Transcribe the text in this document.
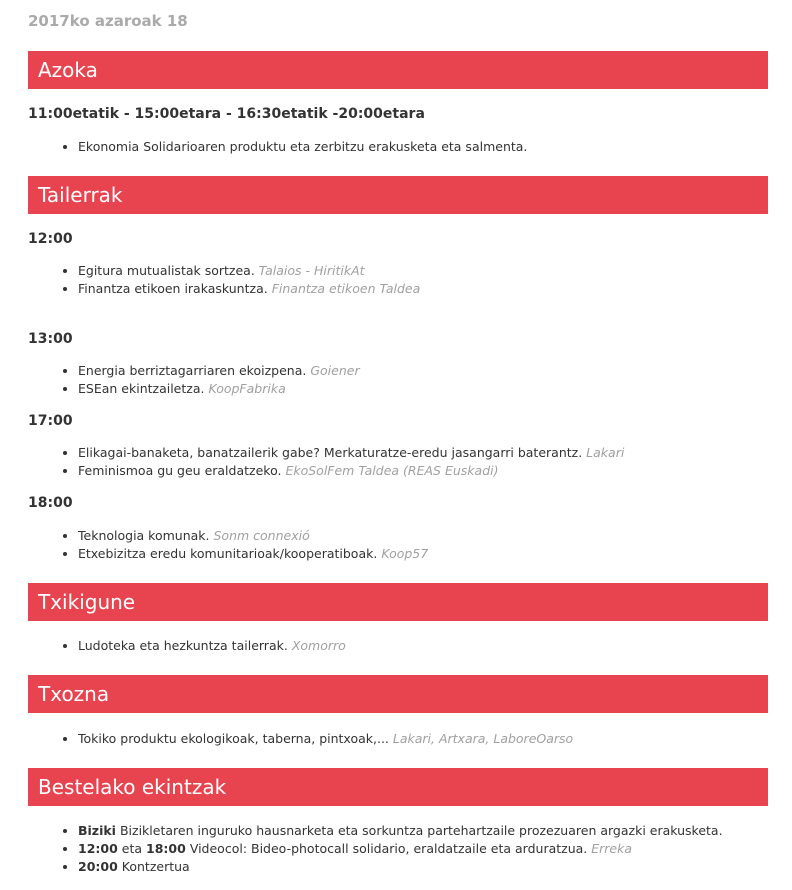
2017ko azaroak 18
Azoka
11:00etatik - 15:00etara - 16:30etatik -20:00etara
• Ekonomia Solidarioaren produktu eta zerbitzu erakusketa eta salmenta.
Tailerrak
12:00
• Egitura mutualistak sortzea. Talaios - HiritikAt
• Finantza etikoen irakaskuntza. Finantza etikoen Taldea
13:00
• Energia berriztagarriaren ekoizpena. Goiener
• ESEan ekintzailetza. KoopFabrika
17:00
• Elikagai-banaketa, banatzailerik gabe? Merkaturatze-eredu jasangarri baterantz. Lakari
• Feminismoa gu geu eraldatzeko. EkoSolFem Taldea (REAS Euskadi)
18:00
• Teknologia komunak. Sonm connexió
• Etxebizitza eredu komunitarioak/kooperatiboak. Koop57
Txikigune
• Ludoteka eta hezkuntza tailerrak. Xomorro
Txozna
• Tokiko produktu ekologikoak, taberna, pintxoak,... Lakari, Artxara, LaboreOarso
Bestelako ekintzak
• Biziki Bizikletaren inguruko hausnarketa eta sorkuntza partehartzaile prozezuaren argazki erakusketa.
• 12:00 eta 18:00 Videocol: Bideo-photocall solidario, eraldatzaile eta arduratzua. Erreka
• 20:00 Kontzertua
